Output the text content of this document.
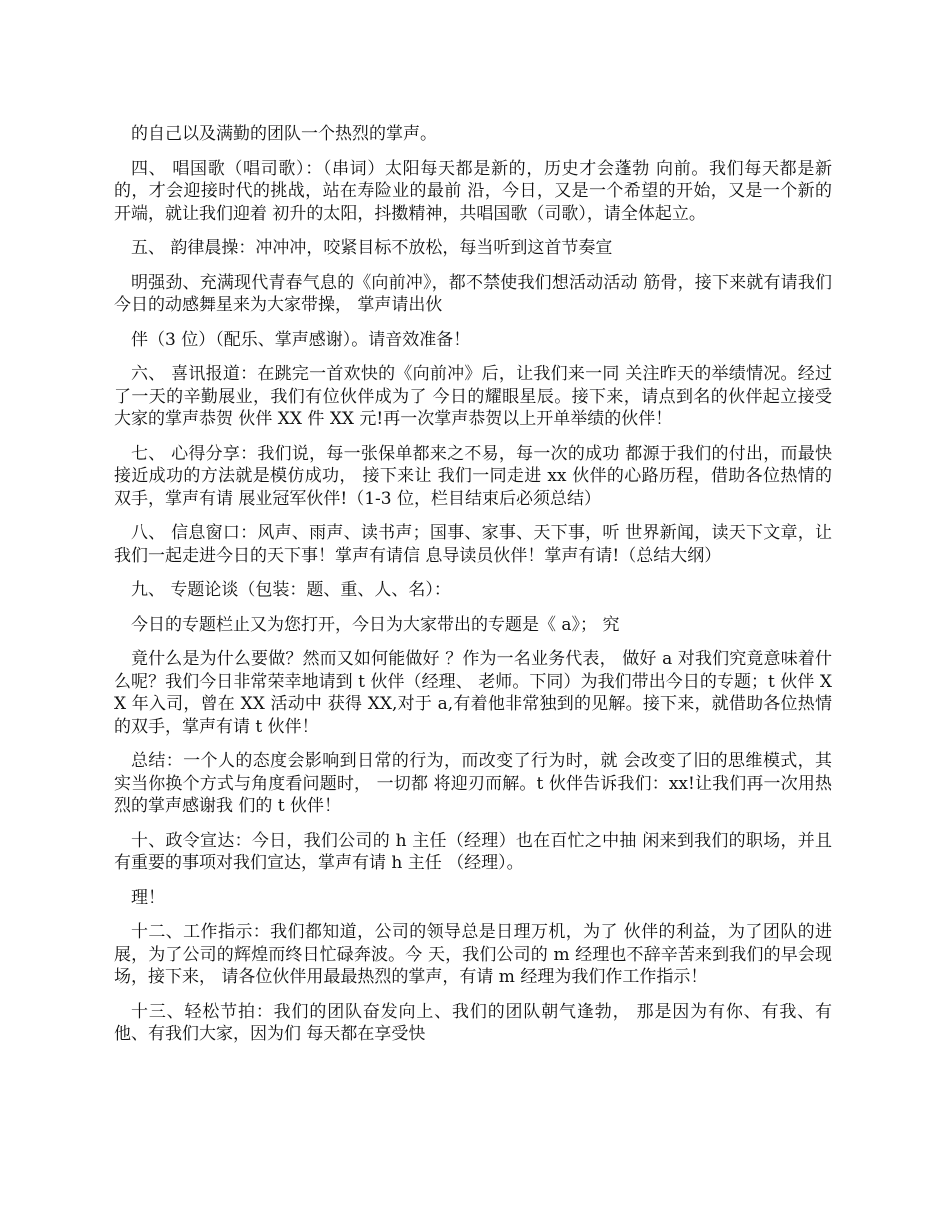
的自己以及满勤的团队一个热烈的掌声。

四、 唱国歌（唱司歌）：（串词）太阳每天都是新的，历史才会蓬勃 向前。我们每天都是新的，才会迎接时代的挑战，站在寿险业的最前 沿，今日，又是一个希望的开始，又是一个新的开端，就让我们迎着 初升的太阳，抖擞精神，共唱国歌（司歌），请全体起立。

五、 韵律晨操：冲冲冲，咬紧目标不放松，每当听到这首节奏宣

明强劲、充满现代青春气息的《向前冲》，都不禁使我们想活动活动 筋骨，接下来就有请我们今日的动感舞星来为大家带操， 掌声请出伙

伴（3 位）（配乐、掌声感谢）。请音效准备！

六、 喜讯报道：在跳完一首欢快的《向前冲》后，让我们来一同 关注昨天的举绩情况。经过了一天的辛勤展业，我们有位伙伴成为了 今日的耀眼星辰。接下来，请点到名的伙伴起立接受大家的掌声恭贺 伙伴 XX 件 XX 元!再一次掌声恭贺以上开单举绩的伙伴！

七、 心得分享：我们说，每一张保单都来之不易，每一次的成功 都源于我们的付出，而最快接近成功的方法就是模仿成功， 接下来让 我们一同走进 xx 伙伴的心路历程，借助各位热情的双手，掌声有请 展业冠军伙伴!（1-3 位，栏目结束后必须总结）

八、 信息窗口：风声、雨声、读书声；国事、家事、天下事，听 世界新闻，读天下文章，让我们一起走进今日的天下事！掌声有请信 息导读员伙伴！掌声有请!（总结大纲）

九、 专题论谈（包装：题、重、人、名）：

今日的专题栏止又为您打开，今日为大家带出的专题是《 a》； 究

竟什么是为什么要做？然而又如何能做好 ？作为一名业务代表， 做好 a 对我们究竟意味着什么呢？我们今日非常荣幸地请到 t 伙伴（经理、 老师。下同）为我们带出今日的专题；t 伙伴 XX 年入司，曾在 XX 活动中 获得 XX,对于 a,有着他非常独到的见解。接下来，就借助各位热情 的双手，掌声有请 t 伙伴！

总结：一个人的态度会影响到日常的行为，而改变了行为时，就 会改变了旧的思维模式，其实当你换个方式与角度看问题时， 一切都 将迎刃而解。t 伙伴告诉我们：xx!让我们再一次用热烈的掌声感谢我 们的 t 伙伴！

十、政令宣达：今日，我们公司的 h 主任（经理）也在百忙之中抽 闲来到我们的职场，并且有重要的事项对我们宣达，掌声有请 h 主任 （经理）。

理！

十二、工作指示：我们都知道，公司的领导总是日理万机，为了 伙伴的利益，为了团队的进展，为了公司的辉煌而终日忙碌奔波。今 天，我们公司的 m 经理也不辞辛苦来到我们的早会现场，接下来， 请各位伙伴用最最热烈的掌声，有请 m 经理为我们作工作指示！

十三、轻松节拍：我们的团队奋发向上、我们的团队朝气逢勃， 那是因为有你、有我、有他、有我们大家，因为们 每天都在享受快
